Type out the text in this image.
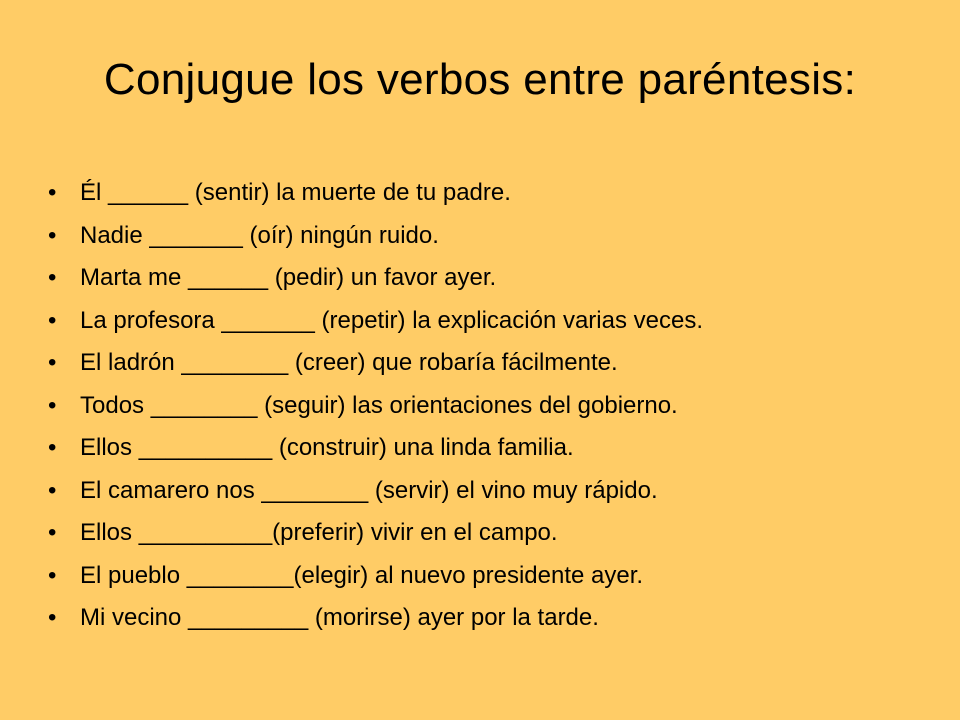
Conjugue los verbos entre paréntesis:
• Él ______ (sentir) la muerte de tu padre.
• Nadie _______ (oír) ningún ruido.
• Marta me ______ (pedir) un favor ayer.
• La profesora _______ (repetir) la explicación varias veces.
• El ladrón ________ (creer) que robaría fácilmente.
• Todos ________ (seguir) las orientaciones del gobierno.
• Ellos __________ (construir) una linda familia.
• El camarero nos ________ (servir) el vino muy rápido.
• Ellos __________(preferir) vivir en el campo.
• El pueblo ________(elegir) al nuevo presidente ayer.
• Mi vecino _________ (morirse) ayer por la tarde.
